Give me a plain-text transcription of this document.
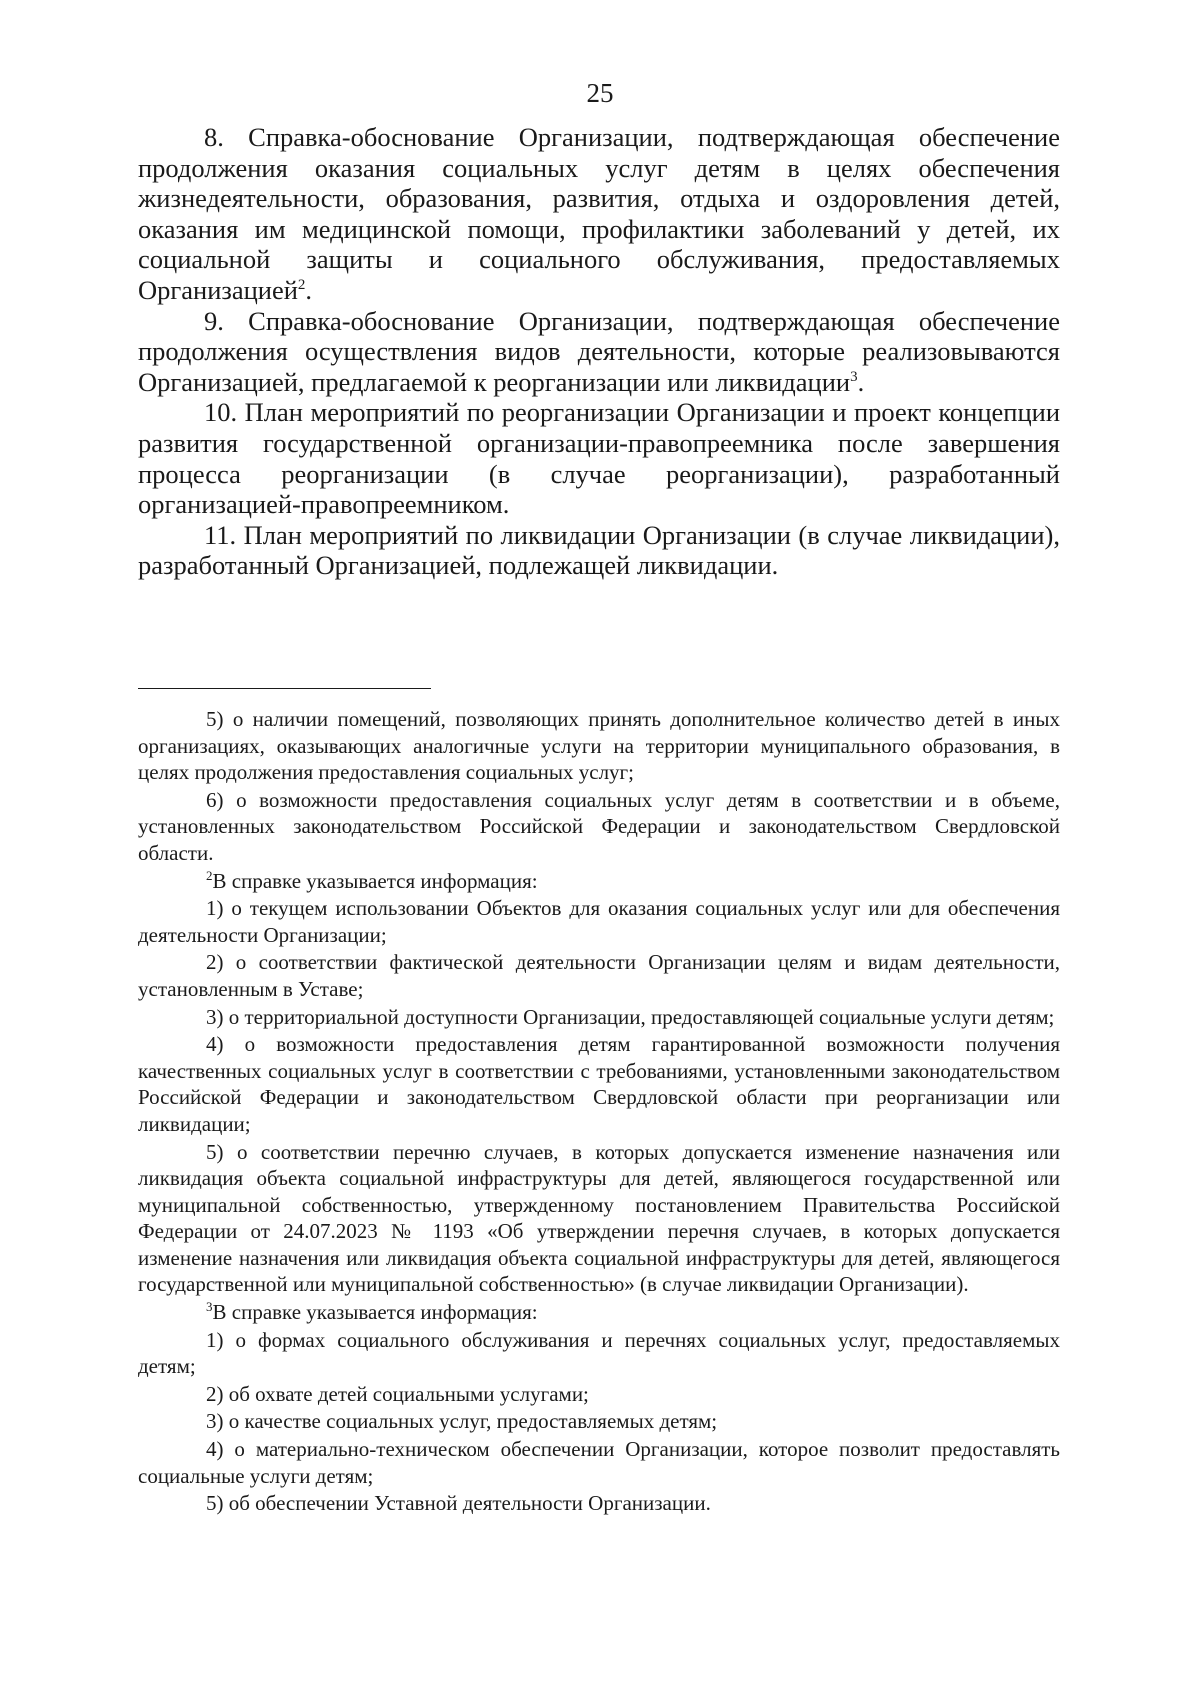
25

8. Справка-обоснование Организации, подтверждающая обеспечение продолжения оказания социальных услуг детям в целях обеспечения жизнедеятельности, образования, развития, отдыха и оздоровления детей, оказания им медицинской помощи, профилактики заболеваний у детей, их социальной защиты и социального обслуживания, предоставляемых Организацией$^2$.

9. Справка-обоснование Организации, подтверждающая обеспечение продолжения осуществления видов деятельности, которые реализовываются Организацией, предлагаемой к реорганизации или ликвидации$^3$.

10. План мероприятий по реорганизации Организации и проект концепции развития государственной организации-правопреемника после завершения процесса реорганизации (в случае реорганизации), разработанный организацией-правопреемником.

11. План мероприятий по ликвидации Организации (в случае ликвидации), разработанный Организацией, подлежащей ликвидации.

5) о наличии помещений, позволяющих принять дополнительное количество детей в иных организациях, оказывающих аналогичные услуги на территории муниципального образования, в целях продолжения предоставления социальных услуг;

6) о возможности предоставления социальных услуг детям в соответствии и в объеме, установленных законодательством Российской Федерации и законодательством Свердловской области.

$^2$В справке указывается информация:

1) о текущем использовании Объектов для оказания социальных услуг или для обеспечения деятельности Организации;

2) о соответствии фактической деятельности Организации целям и видам деятельности, установленным в Уставе;

3) о территориальной доступности Организации, предоставляющей социальные услуги детям;

4) о возможности предоставления детям гарантированной возможности получения качественных социальных услуг в соответствии с требованиями, установленными законодательством Российской Федерации и законодательством Свердловской области при реорганизации или ликвидации;

5) о соответствии перечню случаев, в которых допускается изменение назначения или ликвидация объекта социальной инфраструктуры для детей, являющегося государственной или муниципальной собственностью, утвержденному постановлением Правительства Российской Федерации от 24.07.2023 № 1193 «Об утверждении перечня случаев, в которых допускается изменение назначения или ликвидация объекта социальной инфраструктуры для детей, являющегося государственной или муниципальной собственностью» (в случае ликвидации Организации).

$^3$В справке указывается информация:

1) о формах социального обслуживания и перечнях социальных услуг, предоставляемых детям;

2) об охвате детей социальными услугами;

3) о качестве социальных услуг, предоставляемых детям;

4) о материально-техническом обеспечении Организации, которое позволит предоставлять социальные услуги детям;

5) об обеспечении Уставной деятельности Организации.
